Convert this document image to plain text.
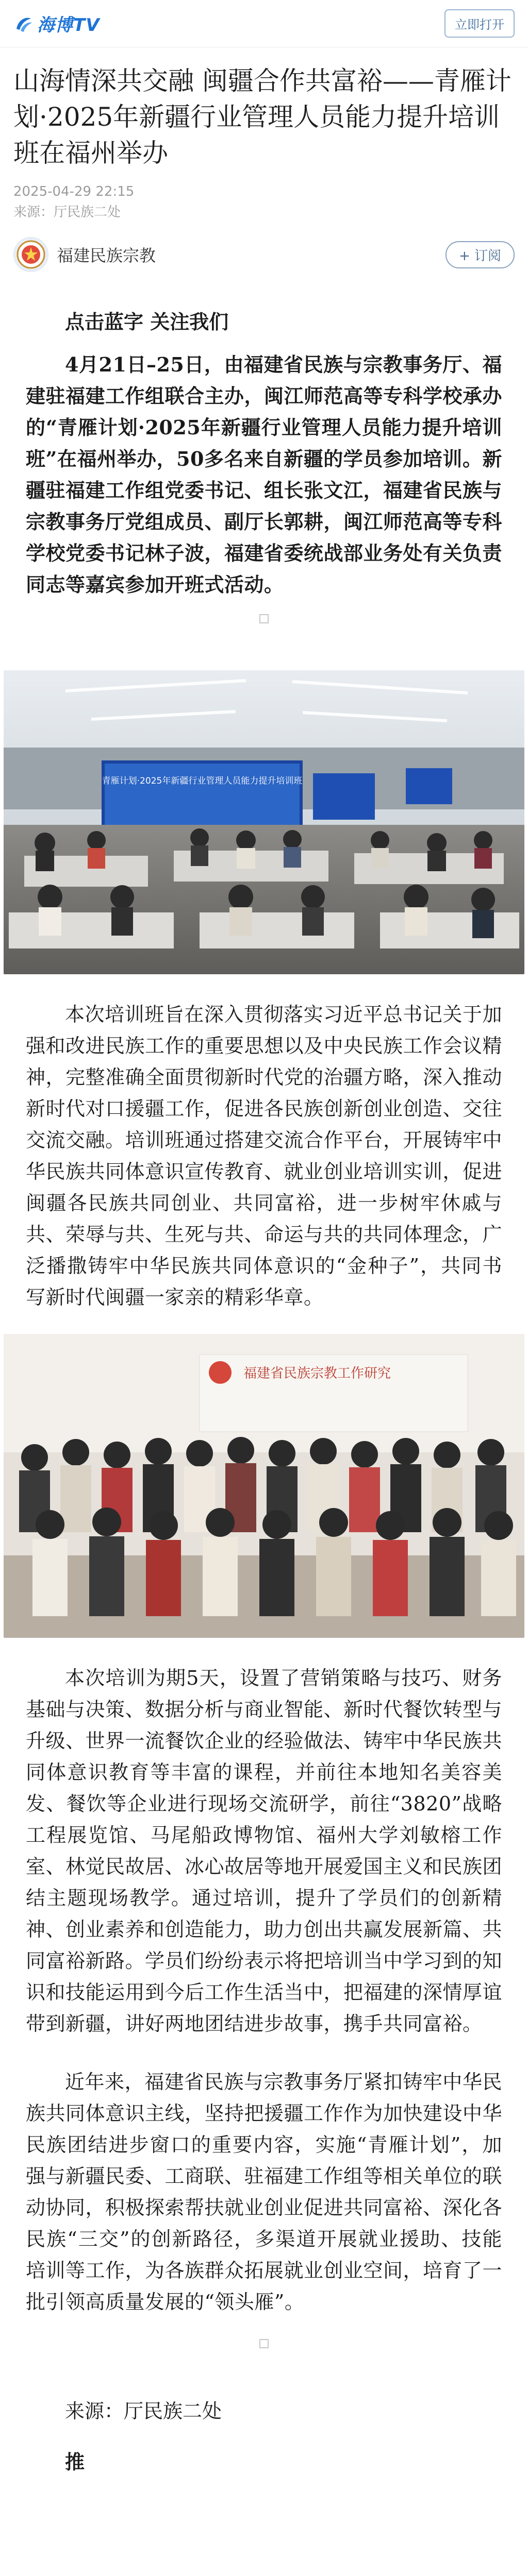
海博TV	立即打开
山海情深共交融 闽疆合作共富裕——青雁计划·2025年新疆行业管理人员能力提升培训班在福州举办
2025-04-29 22:15
来源：厅民族二处
福建民族宗教	+ 订阅
点击蓝字 关注我们

4月21日–25日，由福建省民族与宗教事务厅、福建驻福建工作组联合主办，闽江师范高等专科学校承办的“青雁计划·2025年新疆行业管理人员能力提升培训班”在福州举办，50多名来自新疆的学员参加培训。新疆驻福建工作组党委书记、组长张文江，福建省民族与宗教事务厅党组成员、副厅长郭耕，闽江师范高等专科学校党委书记林子波，福建省委统战部业务处有关负责同志等嘉宾参加开班式活动。

青雁计划·2025年新疆行业管理人员能力提升培训班

本次培训班旨在深入贯彻落实习近平总书记关于加强和改进民族工作的重要思想以及中央民族工作会议精神，完整准确全面贯彻新时代党的治疆方略，深入推动新时代对口援疆工作，促进各民族创新创业创造、交往交流交融。培训班通过搭建交流合作平台，开展铸牢中华民族共同体意识宣传教育、就业创业培训实训，促进闽疆各民族共同创业、共同富裕，进一步树牢休戚与共、荣辱与共、生死与共、命运与共的共同体理念，广泛播撒铸牢中华民族共同体意识的“金种子”，共同书写新时代闽疆一家亲的精彩华章。

福建省民族宗教工作研究

本次培训为期5天，设置了营销策略与技巧、财务基础与决策、数据分析与商业智能、新时代餐饮转型与升级、世界一流餐饮企业的经验做法、铸牢中华民族共同体意识教育等丰富的课程，并前往本地知名美容美发、餐饮等企业进行现场交流研学，前往“3820”战略工程展览馆、马尾船政博物馆、福州大学刘敏榕工作室、林觉民故居、冰心故居等地开展爱国主义和民族团结主题现场教学。通过培训，提升了学员们的创新精神、创业素养和创造能力，助力创出共赢发展新篇、共同富裕新路。学员们纷纷表示将把培训当中学习到的知识和技能运用到今后工作生活当中，把福建的深情厚谊带到新疆，讲好两地团结进步故事，携手共同富裕。

近年来，福建省民族与宗教事务厅紧扣铸牢中华民族共同体意识主线，坚持把援疆工作作为加快建设中华民族团结进步窗口的重要内容，实施“青雁计划”，加强与新疆民委、工商联、驻福建工作组等相关单位的联动协同，积极探索帮扶就业创业促进共同富裕、深化各民族“三交”的创新路径，多渠道开展就业援助、技能培训等工作，为各族群众拓展就业创业空间，培育了一批引领高质量发展的“领头雁”。

来源：厅民族二处
推
